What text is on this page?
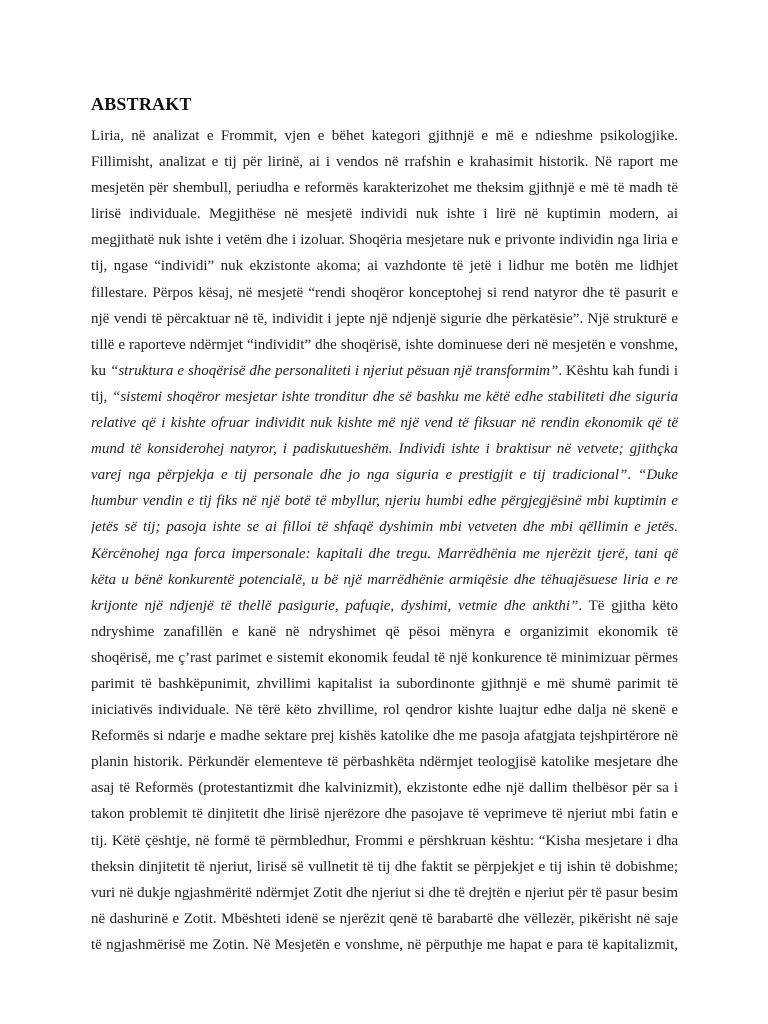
ABSTRAKT
Liria, në analizat e Frommit, vjen e bëhet kategori gjithnjë e më e ndieshme psikologjike.
Fillimisht, analizat e tij për lirinë, ai i vendos në rrafshin e krahasimit historik. Në raport me
mesjetën për shembull, periudha e reformës karakterizohet me theksim gjithnjë e më të madh të
lirisë individuale. Megjithëse në mesjetë individi nuk ishte i lirë në kuptimin modern, ai
megjithatë nuk ishte i vetëm dhe i izoluar. Shoqëria mesjetare nuk e privonte individin nga liria e
tij, ngase “individi” nuk ekzistonte akoma; ai vazhdonte të jetë i lidhur me botën me lidhjet
fillestare. Përpos kësaj, në mesjetë “rendi shoqëror konceptohej si rend natyror dhe të pasurit e
një vendi të përcaktuar në të, individit i jepte një ndjenjë sigurie dhe përkatësie”. Një strukturë e
tillë e raporteve ndërmjet “individit” dhe shoqërisë, ishte dominuese deri në mesjetën e vonshme,
ku “struktura e shoqërisë dhe personaliteti i njeriut pësuan një transformim”. Kështu kah fundi i
tij, “sistemi shoqëror mesjetar ishte tronditur dhe së bashku me këtë edhe stabiliteti dhe siguria
relative që i kishte ofruar individit nuk kishte më një vend të fiksuar në rendin ekonomik që të
mund të konsiderohej natyror, i padiskutueshëm. Individi ishte i braktisur në vetvete; gjithçka
varej nga përpjekja e tij personale dhe jo nga siguria e prestigjit e tij tradicional”. “Duke
humbur vendin e tij fiks në një botë të mbyllur, njeriu humbi edhe përgjegjësinë mbi kuptimin e
jetës së tij; pasoja ishte se ai filloi të shfaqë dyshimin mbi vetveten dhe mbi qëllimin e jetës.
Kërcënohej nga forca impersonale: kapitali dhe tregu. Marrëdhënia me njerëzit tjerë, tani që
këta u bënë konkurentë potencialë, u bë një marrëdhënie armiqësie dhe tëhuajësuese liria e re
krijonte një ndjenjë të thellë pasigurie, pafuqie, dyshimi, vetmie dhe ankthi”. Të gjitha këto
ndryshime zanafillën e kanë në ndryshimet që pësoi mënyra e organizimit ekonomik të
shoqërisë, me ç’rast parimet e sistemit ekonomik feudal të një konkurence të minimizuar përmes
parimit të bashkëpunimit, zhvillimi kapitalist ia subordinonte gjithnjë e më shumë parimit të
iniciativës individuale. Në tërë këto zhvillime, rol qendror kishte luajtur edhe dalja në skenë e
Reformës si ndarje e madhe sektare prej kishës katolike dhe me pasoja afatgjata tejshpirtërore në
planin historik. Përkundër elementeve të përbashkëta ndërmjet teologjisë katolike mesjetare dhe
asaj të Reformës (protestantizmit dhe kalvinizmit), ekzistonte edhe një dallim thelbësor për sa i
takon problemit të dinjitetit dhe lirisë njerëzore dhe pasojave të veprimeve të njeriut mbi fatin e
tij. Këtë çështje, në formë të përmbledhur, Frommi e përshkruan kështu: “Kisha mesjetare i dha
theksin dinjitetit të njeriut, lirisë së vullnetit të tij dhe faktit se përpjekjet e tij ishin të dobishme;
vuri në dukje ngjashmëritë ndërmjet Zotit dhe njeriut si dhe të drejtën e njeriut për të pasur besim
në dashurinë e Zotit. Mbështeti idenë se njerëzit qenë të barabartë dhe vëllezër, pikërisht në saje
të ngjashmërisë me Zotin. Në Mesjetën e vonshme, në përputhje me hapat e para të kapitalizmit,
